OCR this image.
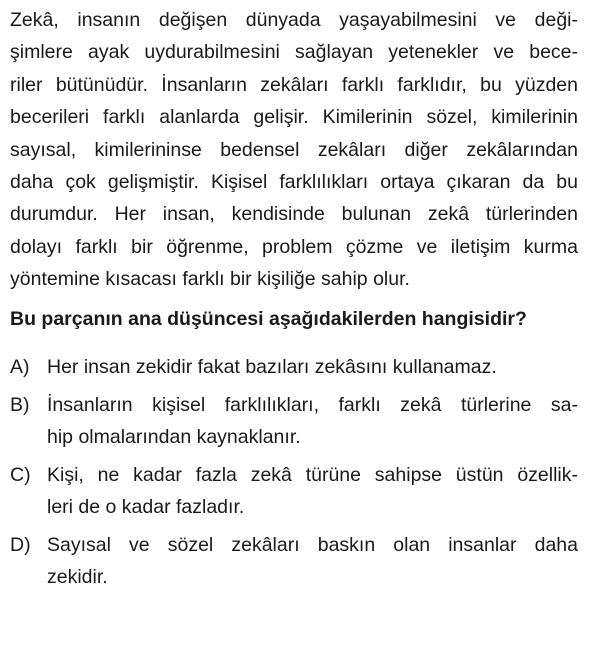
Zekâ, insanın değişen dünyada yaşayabilmesini ve deği-
şimlere ayak uydurabilmesini sağlayan yetenekler ve bece-
riler bütünüdür. İnsanların zekâları farklı farklıdır, bu yüzden
becerileri farklı alanlarda gelişir. Kimilerinin sözel, kimilerinin
sayısal, kimilerininse bedensel zekâları diğer zekâlarından
daha çok gelişmiştir. Kişisel farklılıkları ortaya çıkaran da bu
durumdur. Her insan, kendisinde bulunan zekâ türlerinden
dolayı farklı bir öğrenme, problem çözme ve iletişim kurma
yöntemine kısacası farklı bir kişiliğe sahip olur.
Bu parçanın ana düşüncesi aşağıdakilerden hangisidir?
A) Her insan zekidir fakat bazıları zekâsını kullanamaz.
B) İnsanların kişisel farklılıkları, farklı zekâ türlerine sa-
hip olmalarından kaynaklanır.
C) Kişi, ne kadar fazla zekâ türüne sahipse üstün özellik-
leri de o kadar fazladır.
D) Sayısal ve sözel zekâları baskın olan insanlar daha
zekidir.
